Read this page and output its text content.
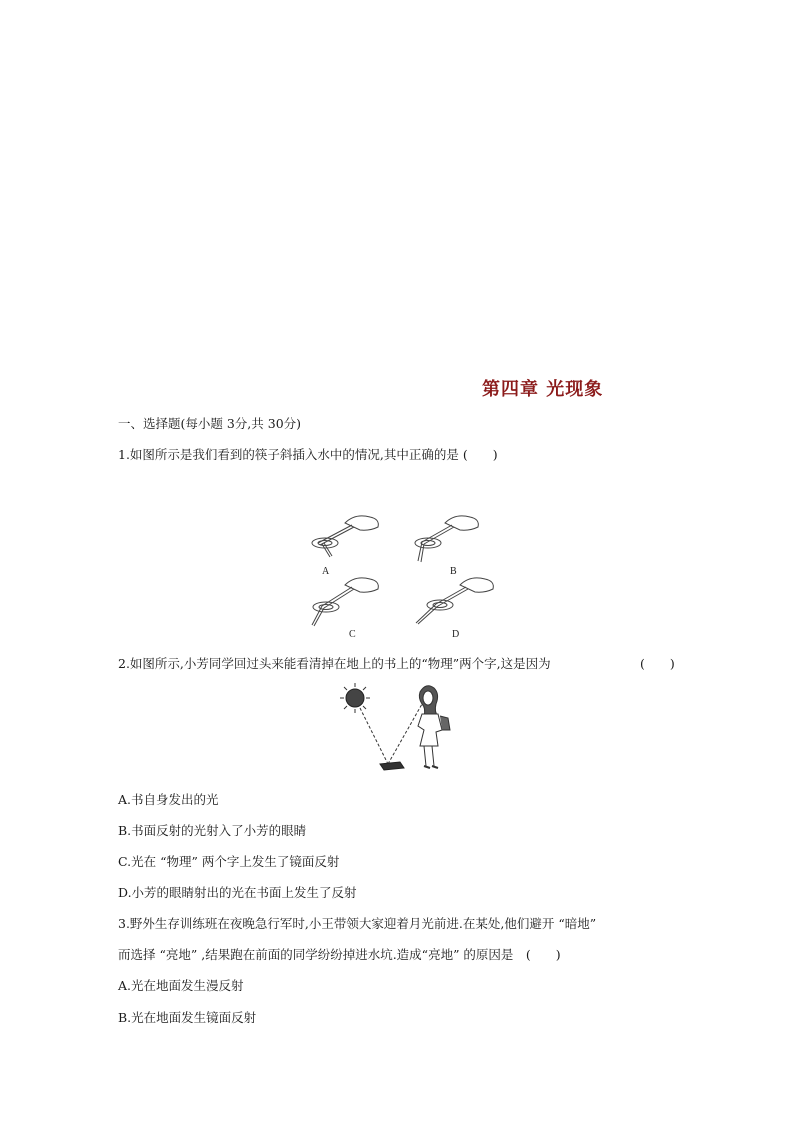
第四章 光现象
一、选择题(每小题 3分,共 30分)
1.如图所示是我们看到的筷子斜插入水中的情况,其中正确的是 (　　)
A	B
C	D
2.如图所示,小芳同学回过头来能看清掉在地上的书上的“物理”两个字,这是因为	(　　)
A.书自身发出的光
B.书面反射的光射入了小芳的眼睛
C.光在 “物理” 两个字上发生了镜面反射
D.小芳的眼睛射出的光在书面上发生了反射
3.野外生存训练班在夜晚急行军时,小王带领大家迎着月光前进.在某处,他们避开 “暗地”
而选择 “亮地” ,结果跑在前面的同学纷纷掉进水坑.造成“亮地” 的原因是　(　　)
A.光在地面发生漫反射
B.光在地面发生镜面反射
